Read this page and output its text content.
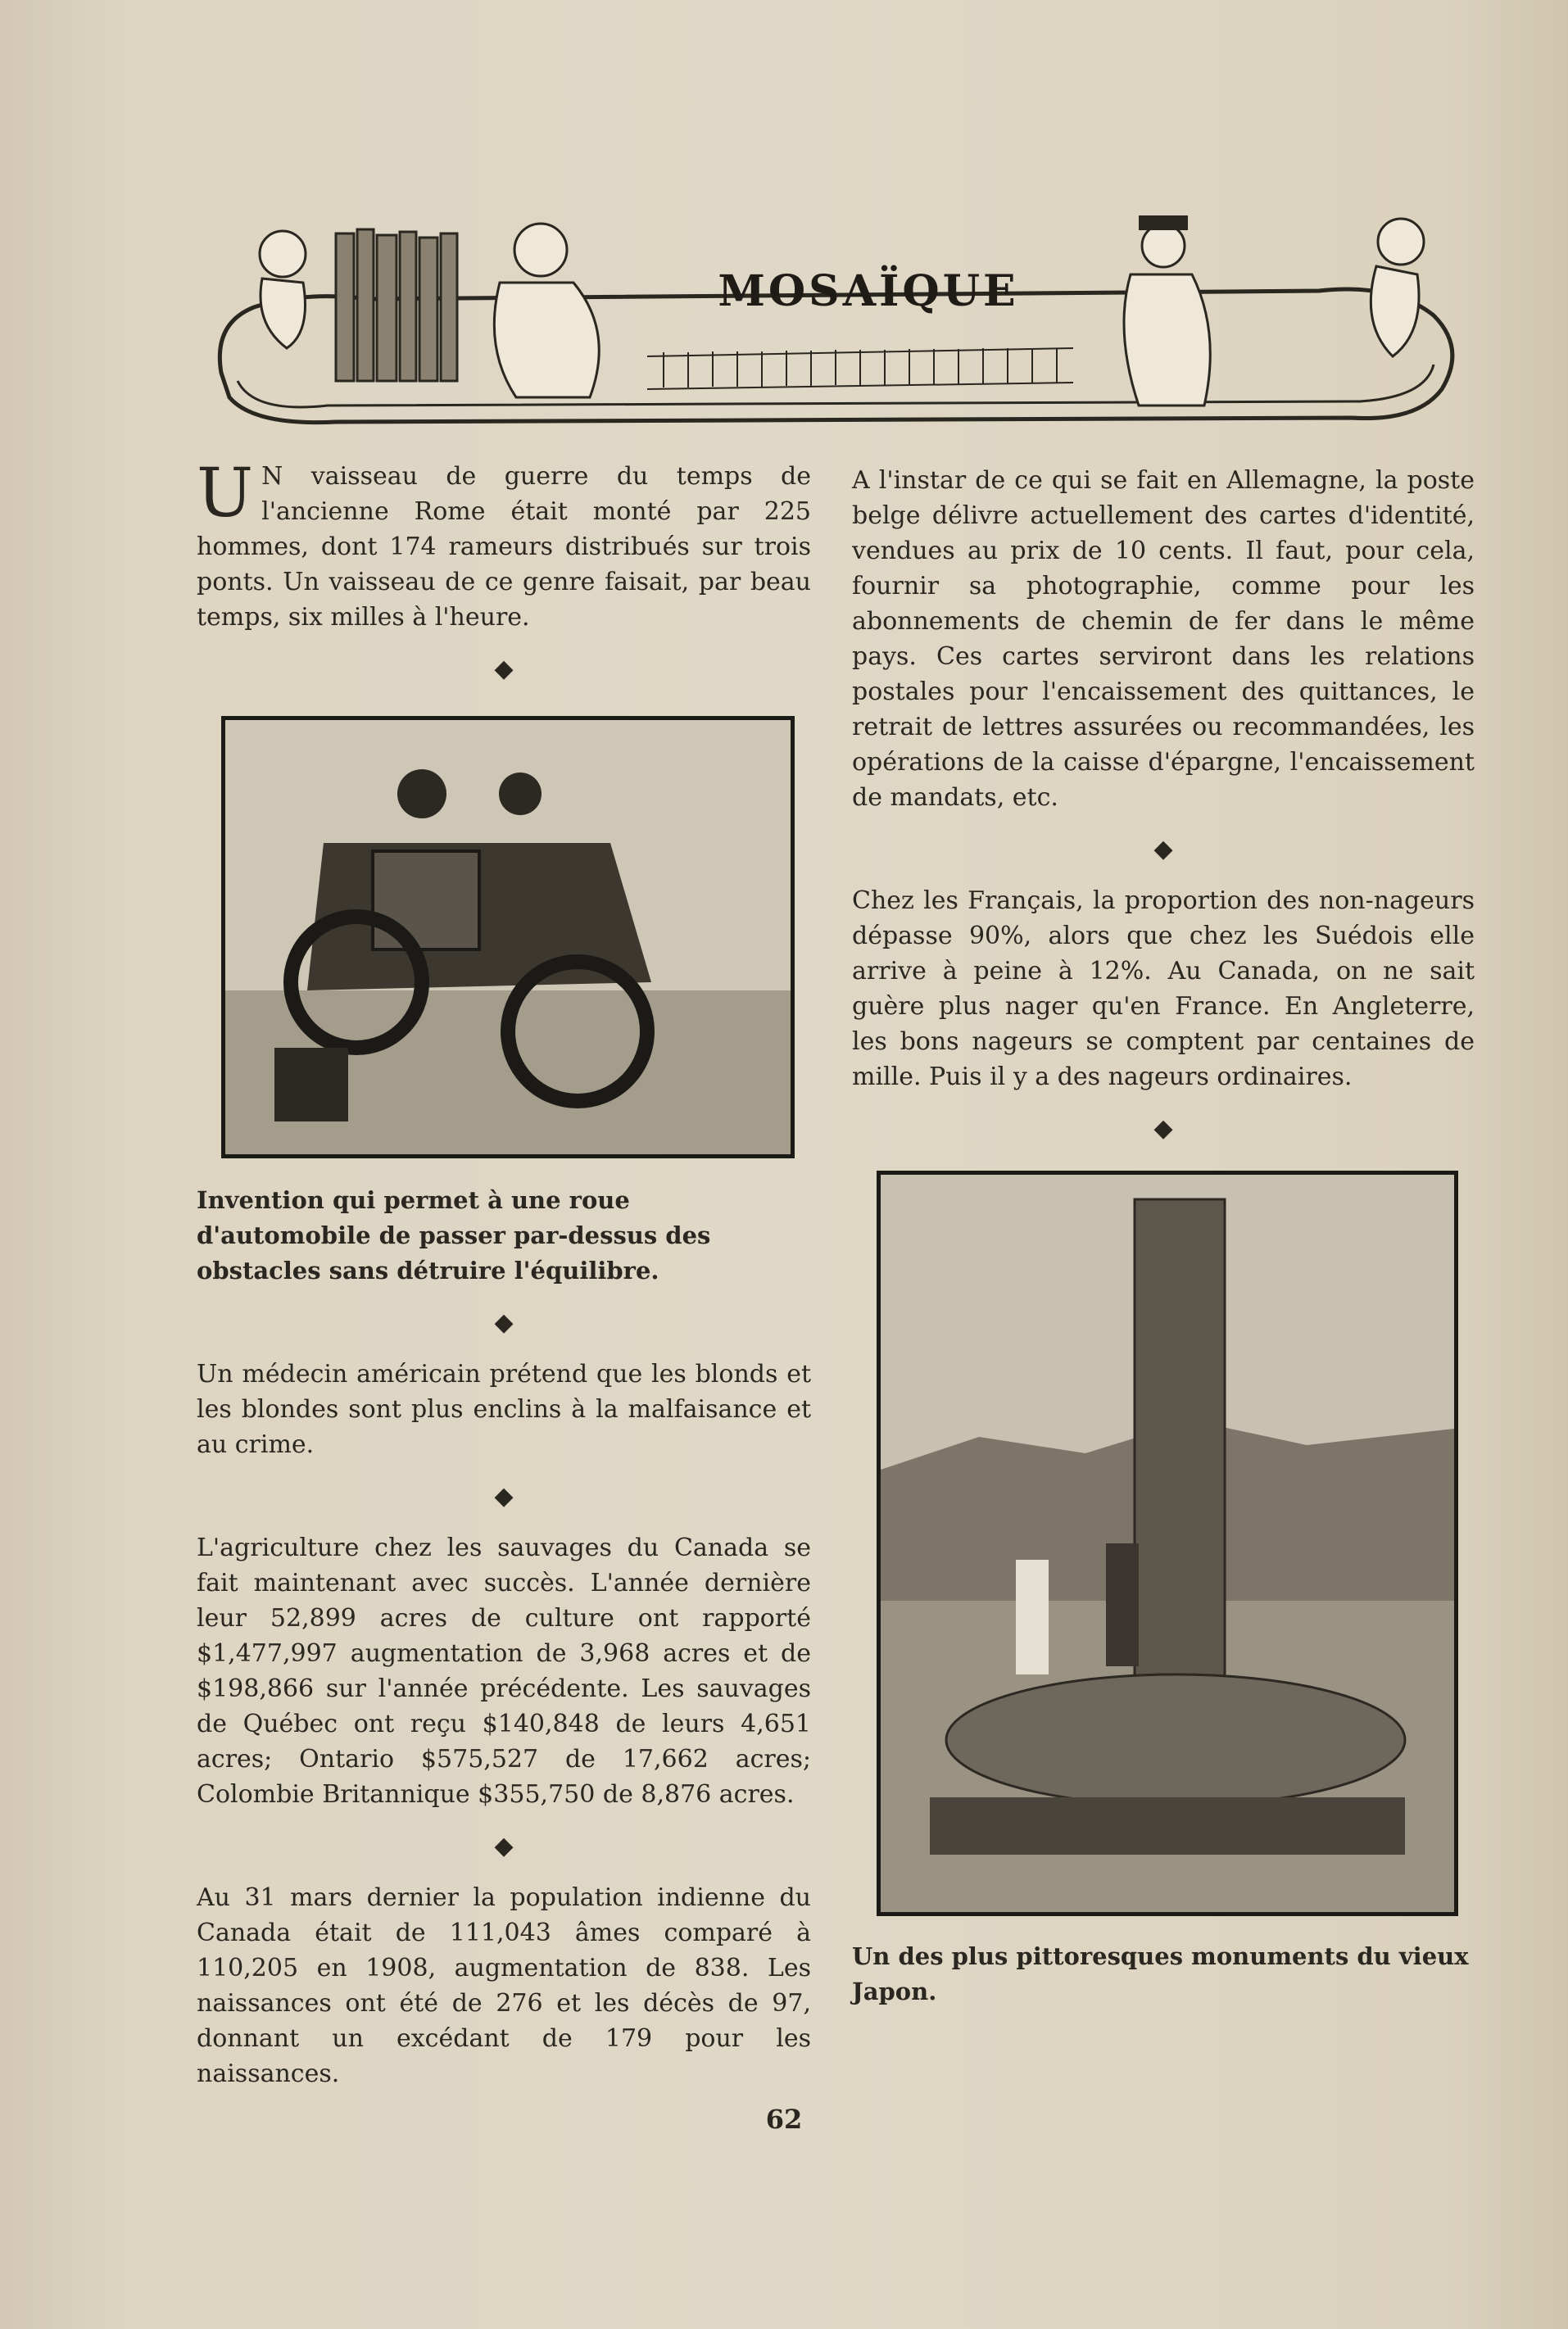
MOSAÏQUE

U N vaisseau de guerre du temps de l'ancienne Rome était monté par 225 hommes, dont 174 rameurs distribués sur trois ponts. Un vaisseau de ce genre faisait, par beau temps, six milles à l'heure.

◆

Invention qui permet à une roue d'automobile de passer par-dessus des obstacles sans détruire l'équilibre.

◆

Un médecin américain prétend que les blonds et les blondes sont plus enclins à la malfaisance et au crime.

◆

L'agriculture chez les sauvages du Canada se fait maintenant avec succès. L'année dernière leur 52,899 acres de culture ont rapporté $1,477,997 augmentation de 3,968 acres et de $198,866 sur l'année précédente. Les sauvages de Québec ont reçu $140,848 de leurs 4,651 acres; Ontario $575,527 de 17,662 acres; Colombie Britannique $355,750 de 8,876 acres.

◆

Au 31 mars dernier la population indienne du Canada était de 111,043 âmes comparé à 110,205 en 1908, augmentation de 838. Les naissances ont été de 276 et les décès de 97, donnant un excédant de 179 pour les naissances.

A l'instar de ce qui se fait en Allemagne, la poste belge délivre actuellement des cartes d'identité, vendues au prix de 10 cents. Il faut, pour cela, fournir sa photographie, comme pour les abonnements de chemin de fer dans le même pays. Ces cartes serviront dans les relations postales pour l'encaissement des quittances, le retrait de lettres assurées ou recommandées, les opérations de la caisse d'épargne, l'encaissement de mandats, etc.

◆

Chez les Français, la proportion des non-nageurs dépasse 90%, alors que chez les Suédois elle arrive à peine à 12%. Au Canada, on ne sait guère plus nager qu'en France. En Angleterre, les bons nageurs se comptent par centaines de mille. Puis il y a des nageurs ordinaires.

◆

Un des plus pittoresques monuments du vieux Japon.

62
